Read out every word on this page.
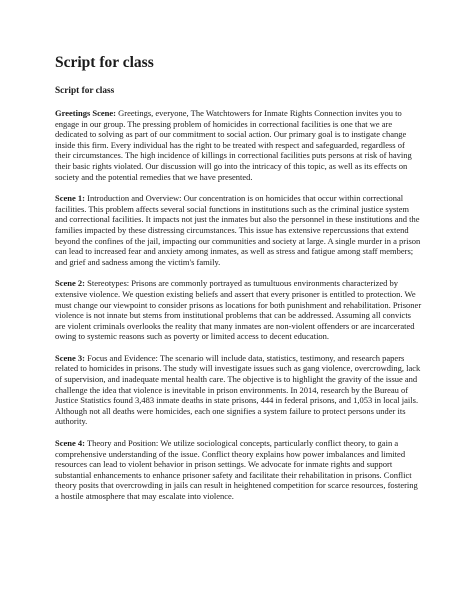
Script for class

Script for class

Greetings Scene: Greetings, everyone, The Watchtowers for Inmate Rights Connection invites you to engage in our group. The pressing problem of homicides in correctional facilities is one that we are dedicated to solving as part of our commitment to social action. Our primary goal is to instigate change inside this firm. Every individual has the right to be treated with respect and safeguarded, regardless of their circumstances. The high incidence of killings in correctional facilities puts persons at risk of having their basic rights violated. Our discussion will go into the intricacy of this topic, as well as its effects on society and the potential remedies that we have presented.

Scene 1: Introduction and Overview: Our concentration is on homicides that occur within correctional facilities. This problem affects several social functions in institutions such as the criminal justice system and correctional facilities. It impacts not just the inmates but also the personnel in these institutions and the families impacted by these distressing circumstances. This issue has extensive repercussions that extend beyond the confines of the jail, impacting our communities and society at large. A single murder in a prison can lead to increased fear and anxiety among inmates, as well as stress and fatigue among staff members; and grief and sadness among the victim's family.

Scene 2: Stereotypes: Prisons are commonly portrayed as tumultuous environments characterized by extensive violence. We question existing beliefs and assert that every prisoner is entitled to protection. We must change our viewpoint to consider prisons as locations for both punishment and rehabilitation. Prisoner violence is not innate but stems from institutional problems that can be addressed. Assuming all convicts are violent criminals overlooks the reality that many inmates are non-violent offenders or are incarcerated owing to systemic reasons such as poverty or limited access to decent education.

Scene 3: Focus and Evidence: The scenario will include data, statistics, testimony, and research papers related to homicides in prisons. The study will investigate issues such as gang violence, overcrowding, lack of supervision, and inadequate mental health care. The objective is to highlight the gravity of the issue and challenge the idea that violence is inevitable in prison environments. In 2014, research by the Bureau of Justice Statistics found 3,483 inmate deaths in state prisons, 444 in federal prisons, and 1,053 in local jails. Although not all deaths were homicides, each one signifies a system failure to protect persons under its authority.

Scene 4: Theory and Position: We utilize sociological concepts, particularly conflict theory, to gain a comprehensive understanding of the issue. Conflict theory explains how power imbalances and limited resources can lead to violent behavior in prison settings. We advocate for inmate rights and support substantial enhancements to enhance prisoner safety and facilitate their rehabilitation in prisons. Conflict theory posits that overcrowding in jails can result in heightened competition for scarce resources, fostering a hostile atmosphere that may escalate into violence.
